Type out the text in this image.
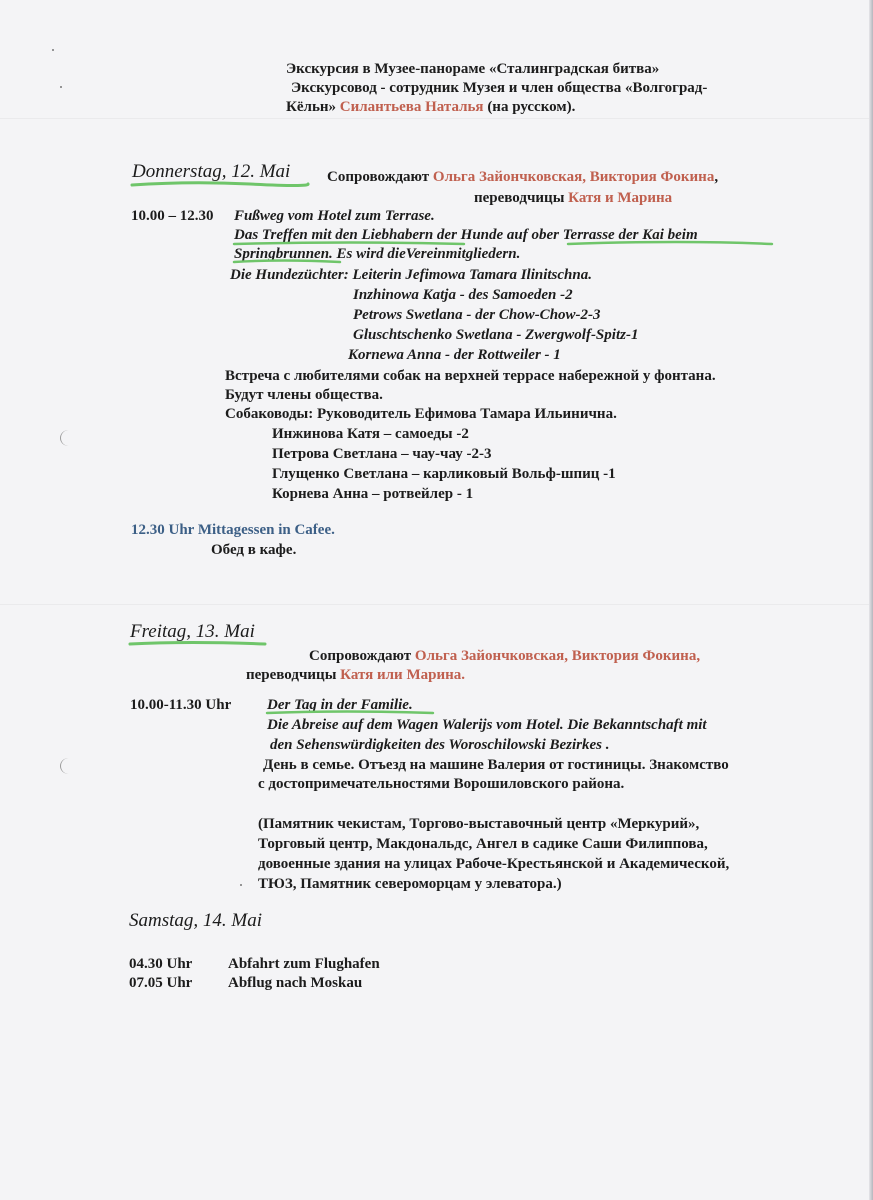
Экскурсия в Музее-панораме «Сталинградская битва»
Экскурсовод - сотрудник Музея и член общества «Волгоград-
Кёльн» Силантьева Наталья (на русском).
Donnerstag, 12. Mai Сопровождают Ольга Зайончковская, Виктория Фокина,
переводчицы Катя и Марина
10.00 – 12.30 Fußweg vom Hotel zum Terrase.
Das Treffen mit den Liebhabern der Hunde auf ober Terrasse der Kai beim
Springbrunnen. Es wird dieVereinmitgliedern.
Die Hundezüchter: Leiterin Jefimowa Tamara Ilinitschna.
Inzhinowa Katja - des Samoeden -2
Petrows Swetlana - der Chow-Chow-2-3
Gluschtschenko Swetlana - Zwergwolf-Spitz-1
Kornewa Anna - der Rottweiler - 1
Встреча с любителями собак на верхней террасе набережной у фонтана.
Будут члены общества.
Собаководы: Руководитель Ефимова Тамара Ильинична.
Инжинова Катя – самоеды -2
Петрова Светлана – чау-чау -2-3
Глущенко Светлана – карликовый Вольф-шпиц -1
Корнева Анна – ротвейлер - 1
12.30 Uhr Mittagessen in Cafee.
Обед в кафе.
Freitag, 13. Mai
Сопровождают Ольга Зайончковская, Виктория Фокина,
переводчицы Катя или Марина.
10.00-11.30 Uhr Der Tag in der Familie.
Die Abreise auf dem Wagen Walerijs vom Hotel. Die Bekanntschaft mit
den Sehenswürdigkeiten des Woroschilowski Bezirkes .
День в семье. Отъезд на машине Валерия от гостиницы. Знакомство
с достопримечательностями Ворошиловского района.
(Памятник чекистам, Торгово-выставочный центр «Меркурий»,
Торговый центр, Макдональдс, Ангел в садике Саши Филиппова,
довоенные здания на улицах Рабоче-Крестьянской и Академической,
ТЮЗ, Памятник североморцам у элеватора.)
Samstag, 14. Mai
04.30 Uhr Abfahrt zum Flughafen
07.05 Uhr Abflug nach Moskau
